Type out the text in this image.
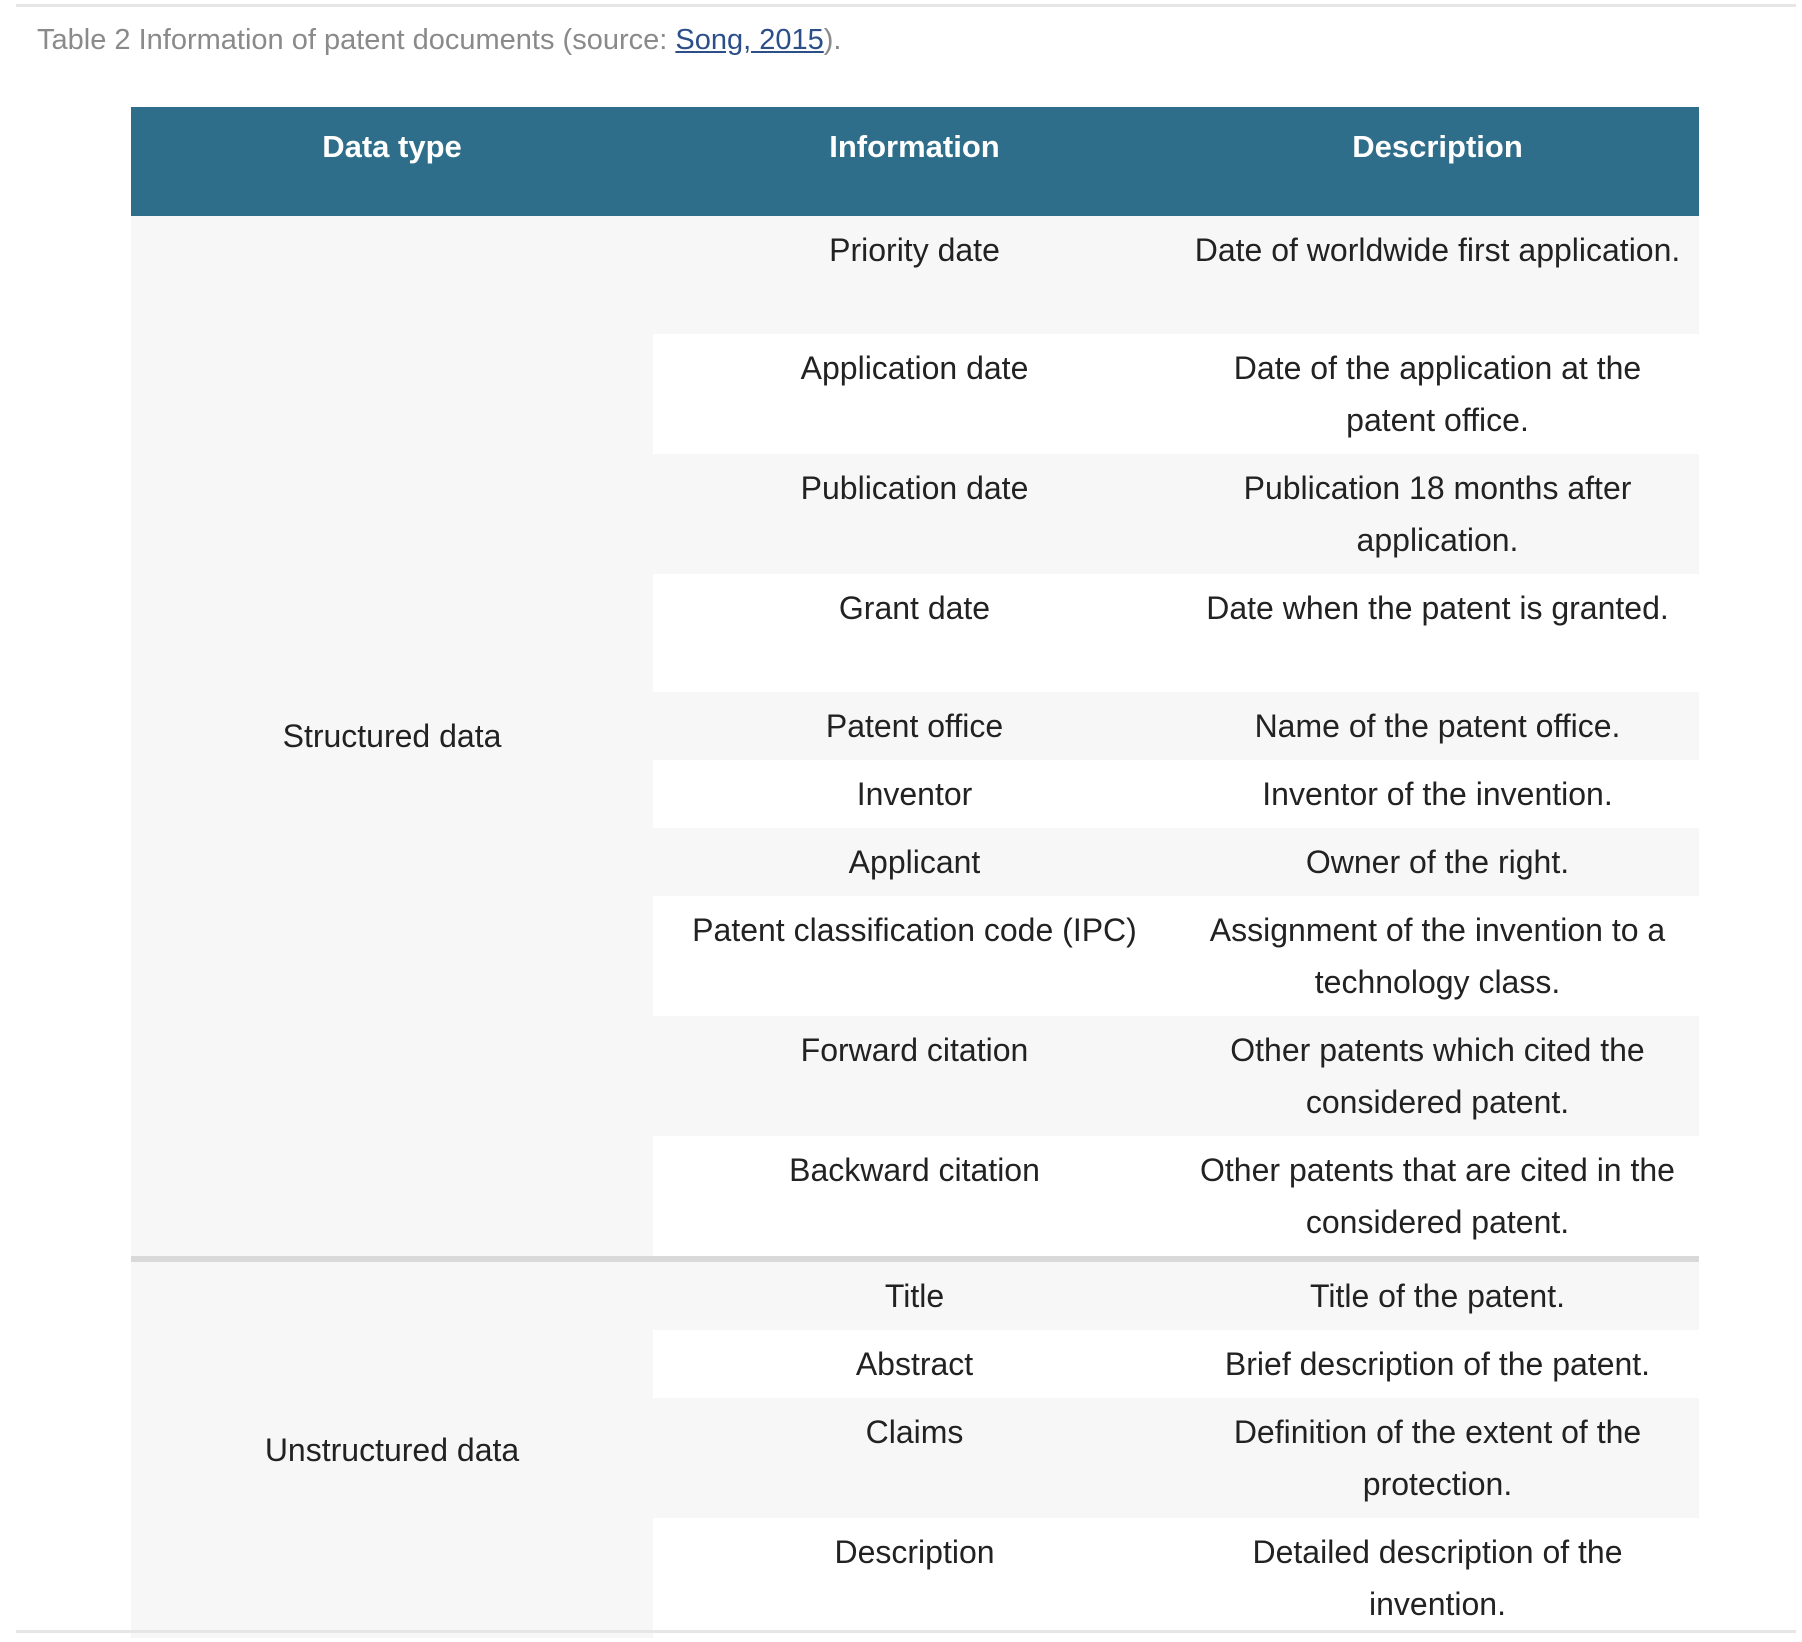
Table 2 Information of patent documents (source: Song, 2015).
Data type	Information	Description
Structured data	Priority date	Date of worldwide first application.
	Application date	Date of the application at the patent office.
	Publication date	Publication 18 months after application.
	Grant date	Date when the patent is granted.
	Patent office	Name of the patent office.
	Inventor	Inventor of the invention.
	Applicant	Owner of the right.
	Patent classification code (IPC)	Assignment of the invention to a technology class.
	Forward citation	Other patents which cited the considered patent.
	Backward citation	Other patents that are cited in the considered patent.
Unstructured data	Title	Title of the patent.
	Abstract	Brief description of the patent.
	Claims	Definition of the extent of the protection.
	Description	Detailed description of the invention.
